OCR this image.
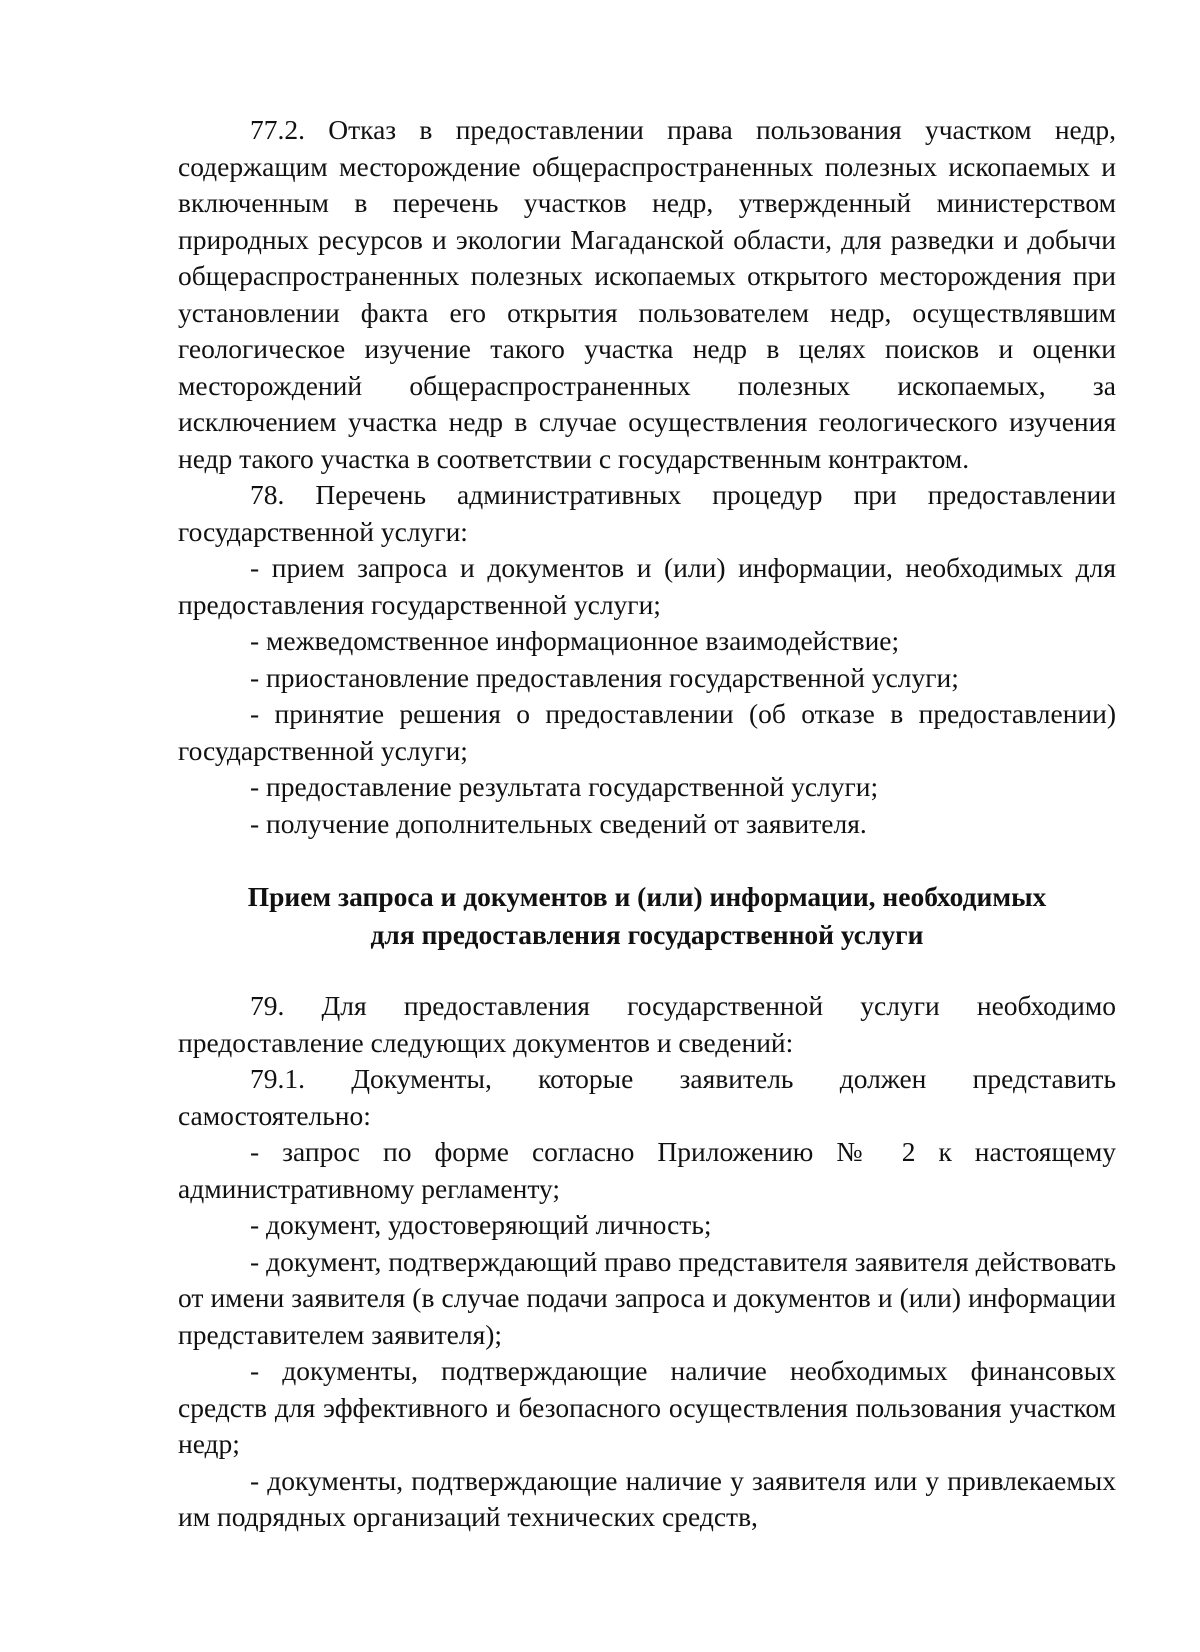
77.2. Отказ в предоставлении права пользования участком недр, содержащим месторождение общераспространенных полезных ископаемых и включенным в перечень участков недр, утвержденный министерством природных ресурсов и экологии Магаданской области, для разведки и добычи общераспространенных полезных ископаемых открытого месторождения при установлении факта его открытия пользователем недр, осуществлявшим геологическое изучение такого участка недр в целях поисков и оценки месторождений общераспространенных полезных ископаемых, за исключением участка недр в случае осуществления геологического изучения недр такого участка в соответствии с государственным контрактом.

78. Перечень административных процедур при предоставлении государственной услуги:

- прием запроса и документов и (или) информации, необходимых для предоставления государственной услуги;

- межведомственное информационное взаимодействие;

- приостановление предоставления государственной услуги;

- принятие решения о предоставлении (об отказе в предоставлении) государственной услуги;

- предоставление результата государственной услуги;

- получение дополнительных сведений от заявителя.

Прием запроса и документов и (или) информации, необходимых
для предоставления государственной услуги

79. Для предоставления государственной услуги необходимо предоставление следующих документов и сведений:

79.1. Документы, которые заявитель должен представить самостоятельно:

- запрос по форме согласно Приложению № 2 к настоящему административному регламенту;

- документ, удостоверяющий личность;

- документ, подтверждающий право представителя заявителя действовать от имени заявителя (в случае подачи запроса и документов и (или) информации представителем заявителя);

- документы, подтверждающие наличие необходимых финансовых средств для эффективного и безопасного осуществления пользования участком недр;

- документы, подтверждающие наличие у заявителя или у привлекаемых им подрядных организаций технических средств,
